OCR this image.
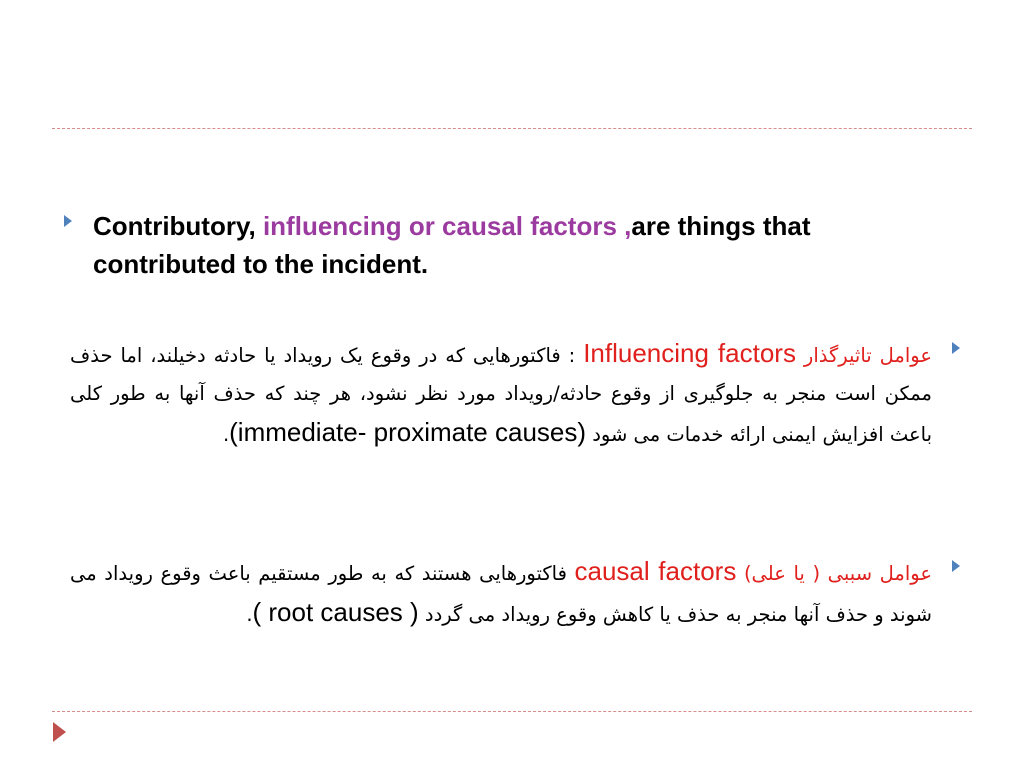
Contributory, influencing or causal factors ,are things that contributed to the incident.
عوامل تاثیرگذار Influencing factors : فاکتورهایی که در وقوع یک رویداد یا حادثه دخیلند، اما حذف ممکن است منجر به جلوگیری از وقوع حادثه/رویداد مورد نظر نشود، هر چند که حذف آنها به طور کلی باعث افزایش ایمنی ارائه خدمات می شود (immediate- proximate causes).
عوامل سببی ( یا علی) causal factors فاکتورهایی هستند که به طور مستقیم باعث وقوع رویداد می شوند و حذف آنها منجر به حذف یا کاهش وقوع رویداد می گردد ( root causes ).
